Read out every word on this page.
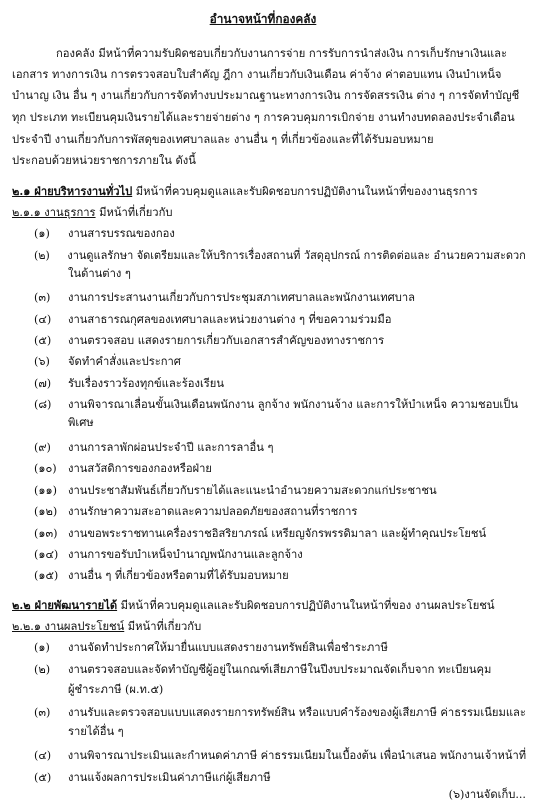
อำนาจหน้าที่กองคลัง
กองคลัง มีหน้าที่ความรับผิดชอบเกี่ยวกับงานการจ่าย การรับการนำส่งเงิน การเก็บรักษาเงินและ
เอกสาร ทางการเงิน การตรวจสอบใบสำคัญ ฎีกา งานเกี่ยวกับเงินเดือน ค่าจ้าง ค่าตอบแทน เงินบำเหน็จ
บำนาญ เงิน อื่น ๆ งานเกี่ยวกับการจัดทำงบประมาณฐานะทางการเงิน การจัดสรรเงิน ต่าง ๆ การจัดทำบัญชี
ทุก ประเภท ทะเบียนคุมเงินรายได้และรายจ่ายต่าง ๆ การควบคุมการเบิกจ่าย งานทำงบทดลองประจำเดือน
ประจำปี งานเกี่ยวกับการพัสดุของเทศบาลและ งานอื่น ๆ ที่เกี่ยวข้องและที่ได้รับมอบหมาย
ประกอบด้วยหน่วยราชการภายใน ดังนี้
๒.๑ ฝ่ายบริหารงานทั่วไป มีหน้าที่ควบคุมดูแลและรับผิดชอบการปฏิบัติงานในหน้าที่ของงานธุรการ
๒.๑.๑ งานธุรการ มีหน้าที่เกี่ยวกับ
(๑) งานสารบรรณของกอง
(๒) งานดูแลรักษา จัดเตรียมและให้บริการเรื่องสถานที่ วัสดุอุปกรณ์ การติดต่อและ อำนวยความสะดวก
ในด้านต่าง ๆ
(๓) งานการประสานงานเกี่ยวกับการประชุมสภาเทศบาลและพนักงานเทศบาล
(๔) งานสาธารณกุศลของเทศบาลและหน่วยงานต่าง ๆ ที่ขอความร่วมมือ
(๕) งานตรวจสอบ แสดงรายการเกี่ยวกับเอกสารสำคัญของทางราชการ
(๖) จัดทำคำสั่งและประกาศ
(๗) รับเรื่องราวร้องทุกข์และร้องเรียน
(๘) งานพิจารณาเลื่อนขั้นเงินเดือนพนักงาน ลูกจ้าง พนักงานจ้าง และการให้บำเหน็จ ความชอบเป็น
พิเศษ
(๙) งานการลาพักผ่อนประจำปี และการลาอื่น ๆ
(๑๐) งานสวัสดิการของกองหรือฝ่าย
(๑๑) งานประชาสัมพันธ์เกี่ยวกับรายได้และแนะนำอำนวยความสะดวกแก่ประชาชน
(๑๒) งานรักษาความสะอาดและความปลอดภัยของสถานที่ราชการ
(๑๓) งานขอพระราชทานเครื่องราชอิสริยาภรณ์ เหรียญจักรพรรดิมาลา และผู้ทำคุณประโยชน์
(๑๔) งานการขอรับบำเหน็จบำนาญพนักงานและลูกจ้าง
(๑๕) งานอื่น ๆ ที่เกี่ยวข้องหรือตามที่ได้รับมอบหมาย
๒.๒ ฝ่ายพัฒนารายได้ มีหน้าที่ควบคุมดูแลและรับผิดชอบการปฏิบัติงานในหน้าที่ของ งานผลประโยชน์
๒.๒.๑ งานผลประโยชน์ มีหน้าที่เกี่ยวกับ
(๑) งานจัดทำประกาศให้มายื่นแบบแสดงรายงานทรัพย์สินเพื่อชำระภาษี
(๒) งานตรวจสอบและจัดทำบัญชีผู้อยู่ในเกณฑ์เสียภาษีในปีงบประมาณจัดเก็บจาก ทะเบียนคุม
ผู้ชำระภาษี (ผ.ท.๕)
(๓) งานรับและตรวจสอบแบบแสดงรายการทรัพย์สิน หรือแบบคำร้องของผู้เสียภาษี ค่าธรรมเนียมและ
รายได้อื่น ๆ
(๔) งานพิจารณาประเมินและกำหนดค่าภาษี ค่าธรรมเนียมในเบื้องต้น เพื่อนำเสนอ พนักงานเจ้าหน้าที่
(๕) งานแจ้งผลการประเมินค่าภาษีแก่ผู้เสียภาษี
(๖)งานจัดเก็บ...
